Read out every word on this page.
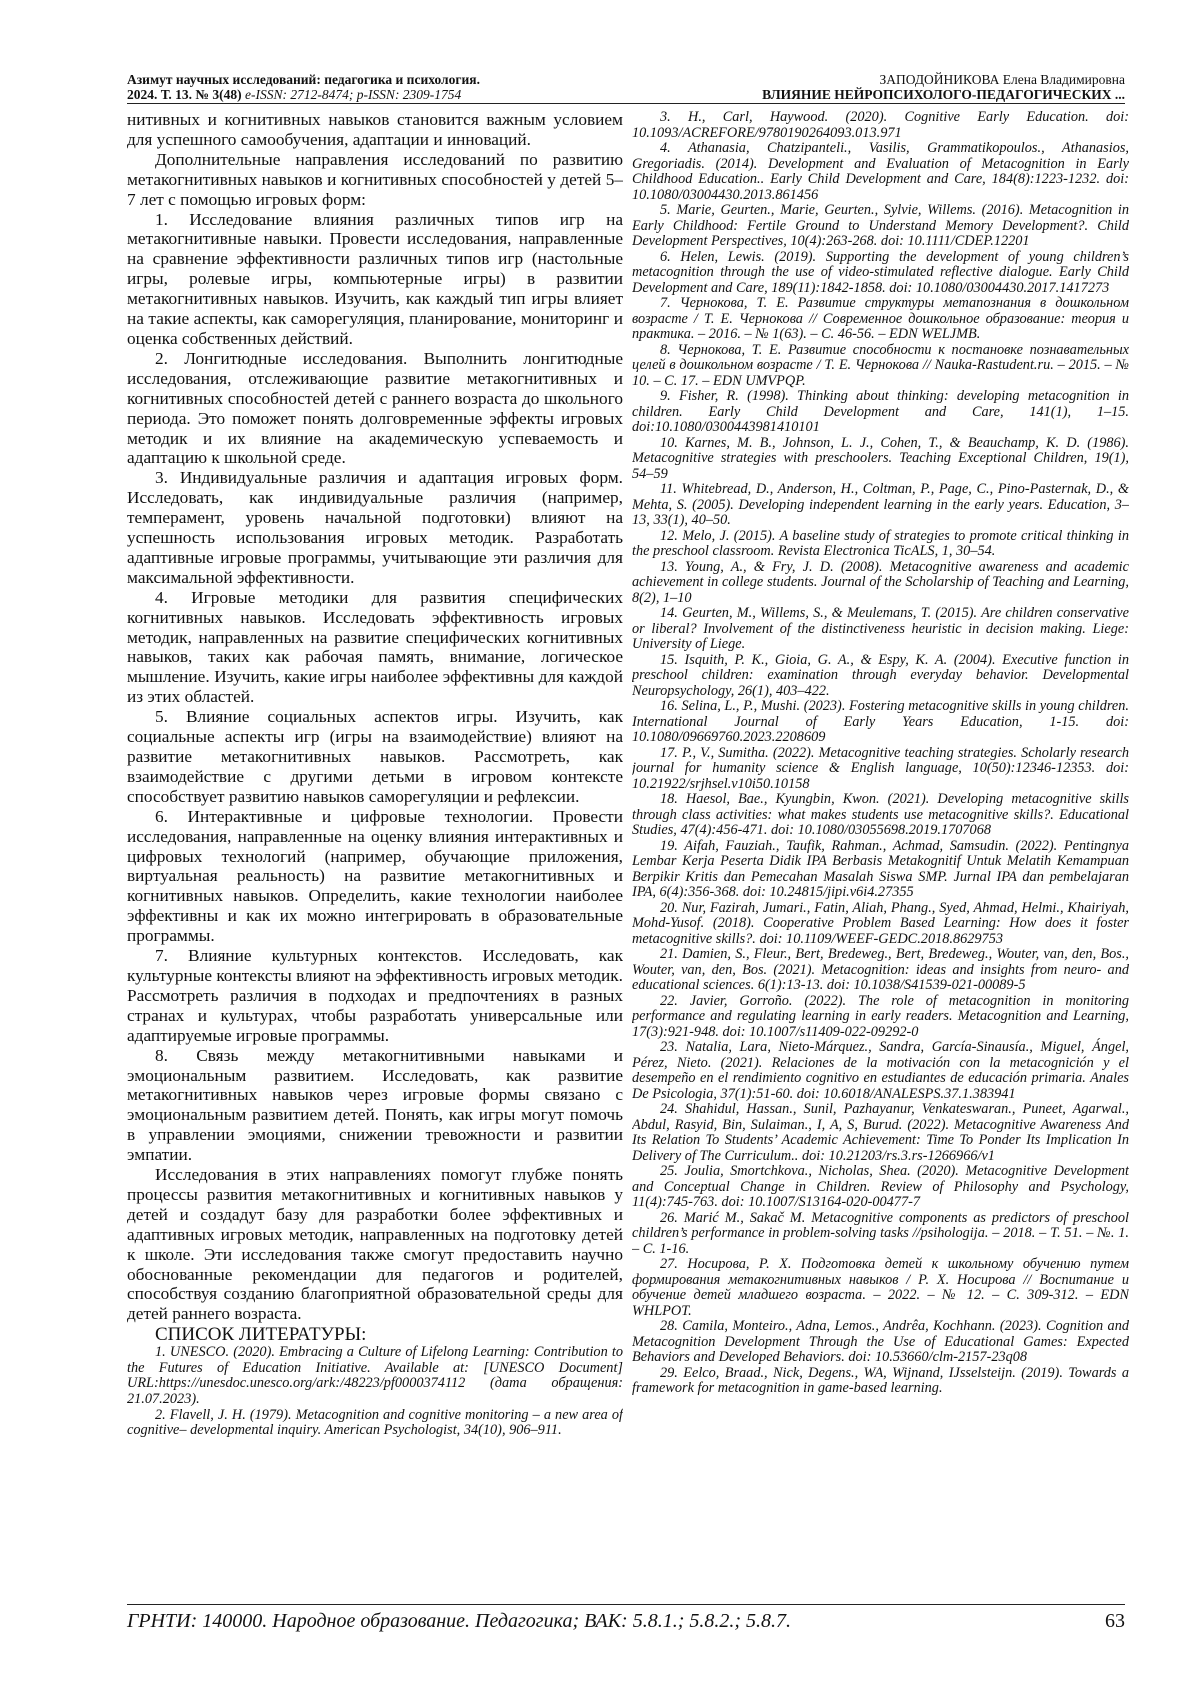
Азимут научных исследований: педагогика и психология.
2024. Т. 13. № 3(48) e-ISSN: 2712-8474; p-ISSN: 2309-1754
ЗАПОДОЙНИКОВА Елена Владимировна
ВЛИЯНИЕ НЕЙРОПСИХОЛОГО-ПЕДАГОГИЧЕСКИХ ...

нитивных и когнитивных навыков становится важным условием для успешного самообучения, адаптации и инноваций.

Дополнительные направления исследований по развитию метакогнитивных навыков и когнитивных способностей у детей 5–7 лет с помощью игровых форм:

1. Исследование влияния различных типов игр на метакогнитивные навыки. Провести исследования, направленные на сравнение эффективности различных типов игр (настольные игры, ролевые игры, компьютерные игры) в развитии метакогнитивных навыков. Изучить, как каждый тип игры влияет на такие аспекты, как саморегуляция, планирование, мониторинг и оценка собственных действий.

2. Лонгитюдные исследования. Выполнить лонгитюдные исследования, отслеживающие развитие метакогнитивных и когнитивных способностей детей с раннего возраста до школьного периода. Это поможет понять долговременные эффекты игровых методик и их влияние на академическую успеваемость и адаптацию к школьной среде.

3. Индивидуальные различия и адаптация игровых форм. Исследовать, как индивидуальные различия (например, темперамент, уровень начальной подготовки) влияют на успешность использования игровых методик. Разработать адаптивные игровые программы, учитывающие эти различия для максимальной эффективности.

4. Игровые методики для развития специфических когнитивных навыков. Исследовать эффективность игровых методик, направленных на развитие специфических когнитивных навыков, таких как рабочая память, внимание, логическое мышление. Изучить, какие игры наиболее эффективны для каждой из этих областей.

5. Влияние социальных аспектов игры. Изучить, как социальные аспекты игр (игры на взаимодействие) влияют на развитие метакогнитивных навыков. Рассмотреть, как взаимодействие с другими детьми в игровом контексте способствует развитию навыков саморегуляции и рефлексии.

6. Интерактивные и цифровые технологии. Провести исследования, направленные на оценку влияния интерактивных и цифровых технологий (например, обучающие приложения, виртуальная реальность) на развитие метакогнитивных и когнитивных навыков. Определить, какие технологии наиболее эффективны и как их можно интегрировать в образовательные программы.

7. Влияние культурных контекстов. Исследовать, как культурные контексты влияют на эффективность игровых методик. Рассмотреть различия в подходах и предпочтениях в разных странах и культурах, чтобы разработать универсальные или адаптируемые игровые программы.

8. Связь между метакогнитивными навыками и эмоциональным развитием. Исследовать, как развитие метакогнитивных навыков через игровые формы связано с эмоциональным развитием детей. Понять, как игры могут помочь в управлении эмоциями, снижении тревожности и развитии эмпатии.

Исследования в этих направлениях помогут глубже понять процессы развития метакогнитивных и когнитивных навыков у детей и создадут базу для разработки более эффективных и адаптивных игровых методик, направленных на подготовку детей к школе. Эти исследования также смогут предоставить научно обоснованные рекомендации для педагогов и родителей, способствуя созданию благоприятной образовательной среды для детей раннего возраста.

СПИСОК ЛИТЕРАТУРЫ:

1. UNESCO. (2020). Embracing a Culture of Lifelong Learning: Contribution to the Futures of Education Initiative. Available at: [UNESCO Document] URL:https://unesdoc.unesco.org/ark:/48223/pf0000374112 (дата обращения: 21.07.2023).

2. Flavell, J. H. (1979). Metacognition and cognitive monitoring – a new area of cognitive– developmental inquiry. American Psychologist, 34(10), 906–911.

3. H., Carl, Haywood. (2020). Cognitive Early Education. doi: 10.1093/ACREFORE/9780190264093.013.971

4. Athanasia, Chatzipanteli., Vasilis, Grammatikopoulos., Athanasios, Gregoriadis. (2014). Development and Evaluation of Metacognition in Early Childhood Education.. Early Child Development and Care, 184(8):1223-1232. doi: 10.1080/03004430.2013.861456

5. Marie, Geurten., Marie, Geurten., Sylvie, Willems. (2016). Metacognition in Early Childhood: Fertile Ground to Understand Memory Development?. Child Development Perspectives, 10(4):263-268. doi: 10.1111/CDEP.12201

6. Helen, Lewis. (2019). Supporting the development of young children’s metacognition through the use of video-stimulated reflective dialogue. Early Child Development and Care, 189(11):1842-1858. doi: 10.1080/03004430.2017.1417273

7. Чернокова, Т. Е. Развитие структуры метапознания в дошкольном возрасте / Т. Е. Чернокова // Современное дошкольное образование: теория и практика. – 2016. – № 1(63). – С. 46-56. – EDN WELJMB.

8. Чернокова, Т. Е. Развитие способности к постановке познавательных целей в дошкольном возрасте / Т. Е. Чернокова // Nauka-Rastudent.ru. – 2015. – № 10. – С. 17. – EDN UMVPQP.

9. Fisher, R. (1998). Thinking about thinking: developing metacognition in children. Early Child Development and Care, 141(1), 1–15. doi:10.1080/0300443981410101

10. Karnes, M. B., Johnson, L. J., Cohen, T., & Beauchamp, K. D. (1986). Metacognitive strategies with preschoolers. Teaching Exceptional Children, 19(1), 54–59

11. Whitebread, D., Anderson, H., Coltman, P., Page, C., Pino-Pasternak, D., & Mehta, S. (2005). Developing independent learning in the early years. Education, 3–13, 33(1), 40–50.

12. Melo, J. (2015). A baseline study of strategies to promote critical thinking in the preschool classroom. Revista Electronica TicALS, 1, 30–54.

13. Young, A., & Fry, J. D. (2008). Metacognitive awareness and academic achievement in college students. Journal of the Scholarship of Teaching and Learning, 8(2), 1–10

14. Geurten, M., Willems, S., & Meulemans, T. (2015). Are children conservative or liberal? Involvement of the distinctiveness heuristic in decision making. Liege: University of Liege.

15. Isquith, P. K., Gioia, G. A., & Espy, K. A. (2004). Executive function in preschool children: examination through everyday behavior. Developmental Neuropsychology, 26(1), 403–422.

16. Selina, L., P., Mushi. (2023). Fostering metacognitive skills in young children. International Journal of Early Years Education, 1-15. doi: 10.1080/09669760.2023.2208609

17. P., V., Sumitha. (2022). Metacognitive teaching strategies. Scholarly research journal for humanity science & English language, 10(50):12346-12353. doi: 10.21922/srjhsel.v10i50.10158

18. Haesol, Bae., Kyungbin, Kwon. (2021). Developing metacognitive skills through class activities: what makes students use metacognitive skills?. Educational Studies, 47(4):456-471. doi: 10.1080/03055698.2019.1707068

19. Aifah, Fauziah., Taufik, Rahman., Achmad, Samsudin. (2022). Pentingnya Lembar Kerja Peserta Didik IPA Berbasis Metakognitif Untuk Melatih Kemampuan Berpikir Kritis dan Pemecahan Masalah Siswa SMP. Jurnal IPA dan pembelajaran IPA, 6(4):356-368. doi: 10.24815/jipi.v6i4.27355

20. Nur, Fazirah, Jumari., Fatin, Aliah, Phang., Syed, Ahmad, Helmi., Khairiyah, Mohd-Yusof. (2018). Cooperative Problem Based Learning: How does it foster metacognitive skills?. doi: 10.1109/WEEF-GEDC.2018.8629753

21. Damien, S., Fleur., Bert, Bredeweg., Bert, Bredeweg., Wouter, van, den, Bos., Wouter, van, den, Bos. (2021). Metacognition: ideas and insights from neuro- and educational sciences. 6(1):13-13. doi: 10.1038/S41539-021-00089-5

22. Javier, Gorroño. (2022). The role of metacognition in monitoring performance and regulating learning in early readers. Metacognition and Learning, 17(3):921-948. doi: 10.1007/s11409-022-09292-0

23. Natalia, Lara, Nieto-Márquez., Sandra, García-Sinausía., Miguel, Ángel, Pérez, Nieto. (2021). Relaciones de la motivación con la metacognición y el desempeño en el rendimiento cognitivo en estudiantes de educación primaria. Anales De Psicologia, 37(1):51-60. doi: 10.6018/ANALESPS.37.1.383941

24. Shahidul, Hassan., Sunil, Pazhayanur, Venkateswaran., Puneet, Agarwal., Abdul, Rasyid, Bin, Sulaiman., I, A, S, Burud. (2022). Metacognitive Awareness And Its Relation To Students’ Academic Achievement: Time To Ponder Its Implication In Delivery of The Curriculum.. doi: 10.21203/rs.3.rs-1266966/v1

25. Joulia, Smortchkova., Nicholas, Shea. (2020). Metacognitive Development and Conceptual Change in Children. Review of Philosophy and Psychology, 11(4):745-763. doi: 10.1007/S13164-020-00477-7

26. Marić M., Sakač M. Metacognitive components as predictors of preschool children’s performance in problem-solving tasks //psihologija. – 2018. – Т. 51. – №. 1. – С. 1-16.

27. Носирова, Р. Х. Подготовка детей к школьному обучению путем формирования метакогнитивных навыков / Р. Х. Носирова // Воспитание и обучение детей младшего возраста. – 2022. – № 12. – С. 309-312. – EDN WHLPOT.

28. Camila, Monteiro., Adna, Lemos., Andrêa, Kochhann. (2023). Cognition and Metacognition Development Through the Use of Educational Games: Expected Behaviors and Developed Behaviors. doi: 10.53660/clm-2157-23q08

29. Eelco, Braad., Nick, Degens., WA, Wijnand, IJsselsteijn. (2019). Towards a framework for metacognition in game-based learning.

ГРНТИ: 140000. Народное образование. Педагогика; ВАК: 5.8.1.; 5.8.2.; 5.8.7.	63
